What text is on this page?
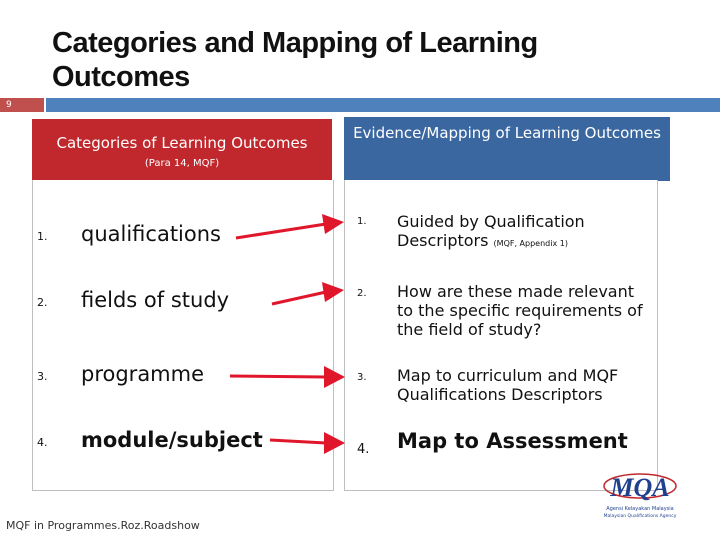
Categories and Mapping of Learning Outcomes
9
Categories of Learning Outcomes
(Para 14, MQF)
Evidence/Mapping of Learning Outcomes
1. qualifications
2. fields of study
3. programme
4. module/subject
1. Guided by Qualification Descriptors (MQF, Appendix 1)
2. How are these made relevant to the specific requirements of the field of study?
3. Map to curriculum and MQF Qualifications Descriptors
4. Map to Assessment
MQF in Programmes.Roz.Roadshow
MQA
Agensi Kelayakan Malaysia
Malaysian Qualifications Agency
